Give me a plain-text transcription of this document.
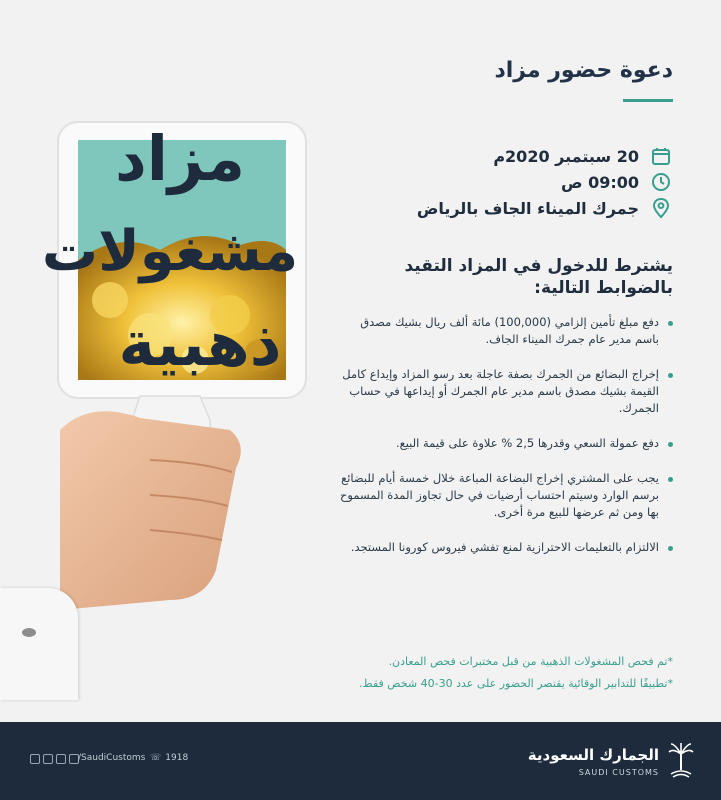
مزاد
مشغولات
ذهبية
دعوة حضور مزاد
20 سبتمبر 2020م
09:00 ص
جمرك الميناء الجاف بالرياض
يشترط للدخول في المزاد التقيد بالضوابط التالية:
دفع مبلغ تأمين إلزامي (100,000) مائة ألف ريال بشيك مصدق باسم مدير عام جمرك الميناء الجاف.
إخراج البضائع من الجمرك بصفة عاجلة بعد رسو المزاد وإيداع كامل القيمة بشيك مصدق باسم مدير عام الجمرك أو إيداعها في حساب الجمرك.
دفع عمولة السعي وقدرها 2,5 % علاوة على قيمة البيع.
يجب على المشتري إخراج البضاعة المباعة خلال خمسة أيام للبضائع برسم الوارد وسيتم احتساب أرضيات في حال تجاوز المدة المسموح بها ومن ثم عرضها للبيع مرة أخرى.
الالتزام بالتعليمات الاحترازية لمنع تفشي فيروس كورونا المستجد.
*تم فحص المشغولات الذهبية من قبل مختبرات فحص المعادن.
*تطبيقًا للتدابير الوقائية يقتصر الحضور على عدد 30-40 شخص فقط.
/SaudiCustoms ☏ 1918	الجمارك السعودية
SAUDI CUSTOMS
